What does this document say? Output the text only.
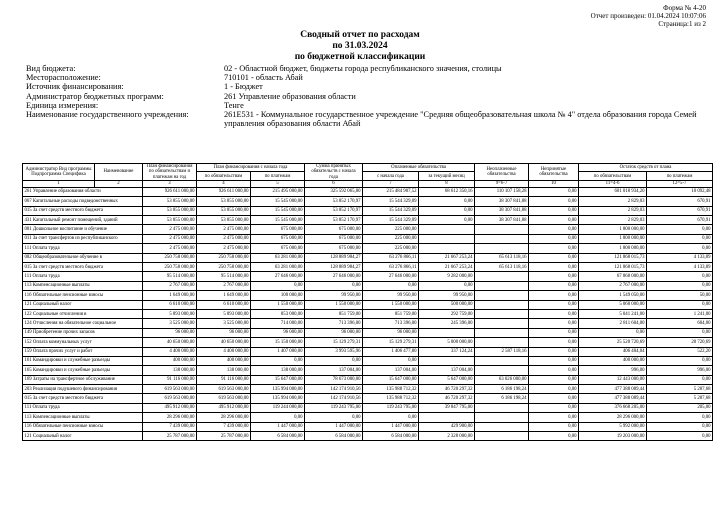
Форма № 4-20
Отчет произведен: 01.04.2024 10:07:06
Страница:1 из 2
Сводный отчет по расходам
по 31.03.2024
по бюджетной классификации
Вид бюджета:	02 - Областной бюджет, бюджеты города республиканского значения, столицы
Месторасположение:	710101 - область Абай
Источник финансирования:	1 - Бюджет
Администратор бюджетных программ:	261 Управление образования области
Единица измерения:	Тенге
Наименование государственного учреждения:	261E531 - Коммунальное государственное учреждение "Средняя общеобразовательная школа № 4" отдела образования города Семей управления образования области Абай
Администратор Вид программы Подпрограмма Специфика	Наименование	План финансирования по обязательствам и платежам на год	План финансирования с начала года		Сумма принятых обязательств с начала года	Оплаченные обязательства		Неоплаченные обязательства	Непринятые обязательства	Остаток средств от плана	
			по обязательствам	по платежам		с начала года	за текущий месяц			по обязательствам	по платежам
1	2	3	4	5	6	7	8	9=6-7	10	11=4-6	12=5-7
261 Управление образования области		926 611 000,00	926 611 000,00	215 495 000,00	325 592 065,80	215 484 907,52	68 612 350,16	110 107 158,28	0,00	601 018 934,20	10 092,48
067 Капитальные расходы подведомственных		53 855 000,00	53 855 000,00	15 545 000,00	53 852 170,97	15 544 329,09	0,00	38 307 841,88	0,00	2 829,03	670,91
015 За счет средств местного бюджета		53 855 000,00	53 855 000,00	15 545 000,00	53 852 170,97	15 544 329,09	0,00	38 307 841,88	0,00	2 829,03	670,91
431 Капитальный ремонт помещений, зданий		53 855 000,00	53 855 000,00	15 545 000,00	53 852 170,97	15 544 329,09	0,00	38 307 841,88	0,00	2 829,03	670,91
081 Дошкольное воспитание и обучение		2 475 000,00	2 475 000,00	675 000,00	675 000,00	225 000,00			0,00	1 800 000,00	0,00
011 За счет трансфертов из республиканского		2 475 000,00	2 475 000,00	675 000,00	675 000,00	225 000,00			0,00	1 800 000,00	0,00
111 Оплата труда		2 475 000,00	2 475 000,00	675 000,00	675 000,00	225 000,00			0,00	1 800 000,00	0,00
082 Общеобразовательное обучение в		250 758 000,00	250 758 000,00	63 281 000,00	128 889 984,27	63 276 866,11	21 667 253,24	65 613 118,16	0,00	121 868 015,73	4 133,89
015 За счет средств местного бюджета		250 758 000,00	250 758 000,00	63 281 000,00	128 889 984,27	63 276 866,11	21 667 253,24	65 613 118,16	0,00	121 868 015,73	4 133,89
111 Оплата труда		95 514 000,00	95 514 000,00	27 646 000,00	27 646 000,00	27 646 000,00	9 282 000,00		0,00	67 868 000,00	0,00
113 Компенсационные выплаты		2 767 000,00	2 767 000,00	0,00	0,00	0,00	0,00		0,00	2 767 000,00	0,00
116 Обязательные пенсионные взносы		1 649 000,00	1 649 000,00	100 000,00	99 950,00	99 950,00	99 950,00		0,00	1 549 050,00	50,00
121 Социальный налог		6 610 000,00	6 610 000,00	1 550 000,00	1 550 000,00	1 550 000,00	500 000,00		0,00	5 060 000,00	0,00
122 Социальные отчисления в		5 893 000,00	5 893 000,00	853 000,00	851 759,00	851 759,00	292 759,00		0,00	5 041 241,00	1 241,00
124 Отчисления на обязательное социальное		3 525 000,00	3 525 000,00	714 000,00	713 396,00	713 396,00	245 396,00		0,00	2 811 604,00	604,00
149 Приобретение прочих запасов		96 000,00	96 000,00	96 000,00	96 000,00	96 000,00			0,00	0,00	0,00
152 Оплата коммунальных услуг		40 650 000,00	40 650 000,00	15 150 000,00	15 129 279,31	15 129 279,31	5 000 000,00		0,00	25 520 720,69	20 720,69
159 Оплата прочих услуг и работ		4 400 000,00	4 400 000,00	1 407 000,00	3 993 595,96	1 406 477,80	337 124,24	2 587 118,16	0,00	406 404,04	522,20
161 Командировки и служебные разъезды		400 000,00	400 000,00	0,00	0,00	0,00			0,00	400 000,00	0,00
165 Командировки и служебные разъезды		138 000,00	138 000,00	138 000,00	137 004,00	137 004,00	137 004,00		0,00	996,00	996,00
169 Затраты на трансфертное обслуживание		91 116 000,00	91 116 000,00	15 647 000,00	78 673 000,00	15 647 000,00	5 647 000,00	63 026 000,00	0,00	12 443 000,00	0,00
203 Реализация подушевого финансирования		619 563 000,00	619 563 000,00	135 994 000,00	142 174 910,56	135 988 712,32	46 720 297,32	6 186 198,24	0,00	477 388 089,44	5 287,68
015 За счет средств местного бюджета		619 563 000,00	619 563 000,00	135 994 000,00	142 174 910,56	135 988 712,32	46 720 297,32	6 186 198,24	0,00	477 388 089,44	5 287,68
111 Оплата труда		495 912 000,00	495 912 000,00	119 244 000,00	119 243 795,00	119 243 795,00	39 847 795,00		0,00	376 668 205,00	205,00
113 Компенсационные выплаты		28 296 000,00	28 296 000,00	0,00	0,00	0,00			0,00	28 296 000,00	0,00
116 Обязательные пенсионные взносы		7 439 000,00	7 439 000,00	1 447 000,00	1 447 000,00	1 447 000,00	429 900,00		0,00	5 992 000,00	0,00
121 Социальный налог		25 787 000,00	25 787 000,00	6 584 000,00	6 584 000,00	6 584 000,00	2 328 000,00		0,00	19 203 000,00	0,00
